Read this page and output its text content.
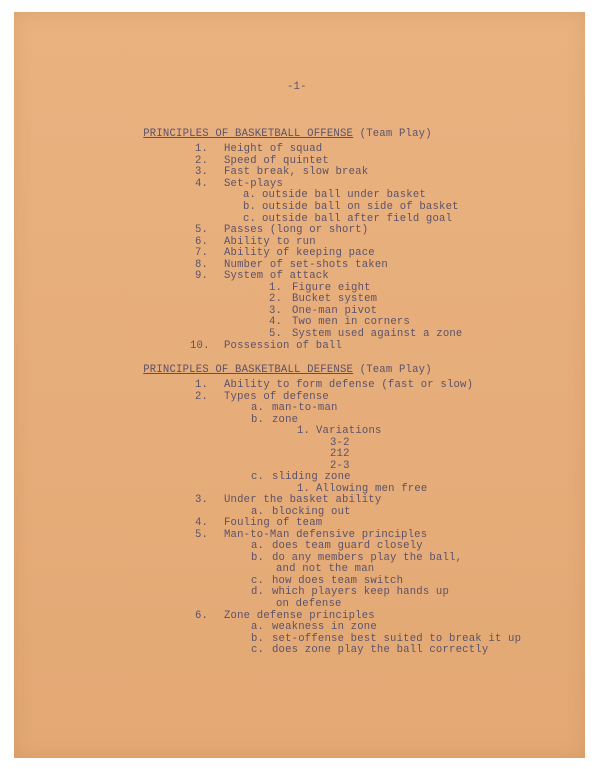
-1-

PRINCIPLES OF BASKETBALL OFFENSE (Team Play)

1. Height of squad
2. Speed of quintet
3. Fast break, slow break
4. Set-plays
a. outside ball under basket
b. outside ball on side of basket
c. outside ball after field goal
5. Passes (long or short)
6. Ability to run
7. Ability of keeping pace
8. Number of set-shots taken
9. System of attack
1. Figure eight
2. Bucket system
3. One-man pivot
4. Two men in corners
5. System used against a zone
10. Possession of ball

PRINCIPLES OF BASKETBALL DEFENSE (Team Play)

1. Ability to form defense (fast or slow)
2. Types of defense
a. man-to-man
b. zone
1. Variations
3-2
212
2-3
c. sliding zone
1. Allowing men free
3. Under the basket ability
a. blocking out
4. Fouling of team
5. Man-to-Man defensive principles
a. does team guard closely
b. do any members play the ball,
and not the man
c. how does team switch
d. which players keep hands up
on defense
6. Zone defense principles
a. weakness in zone
b. set-offense best suited to break it up
c. does zone play the ball correctly
